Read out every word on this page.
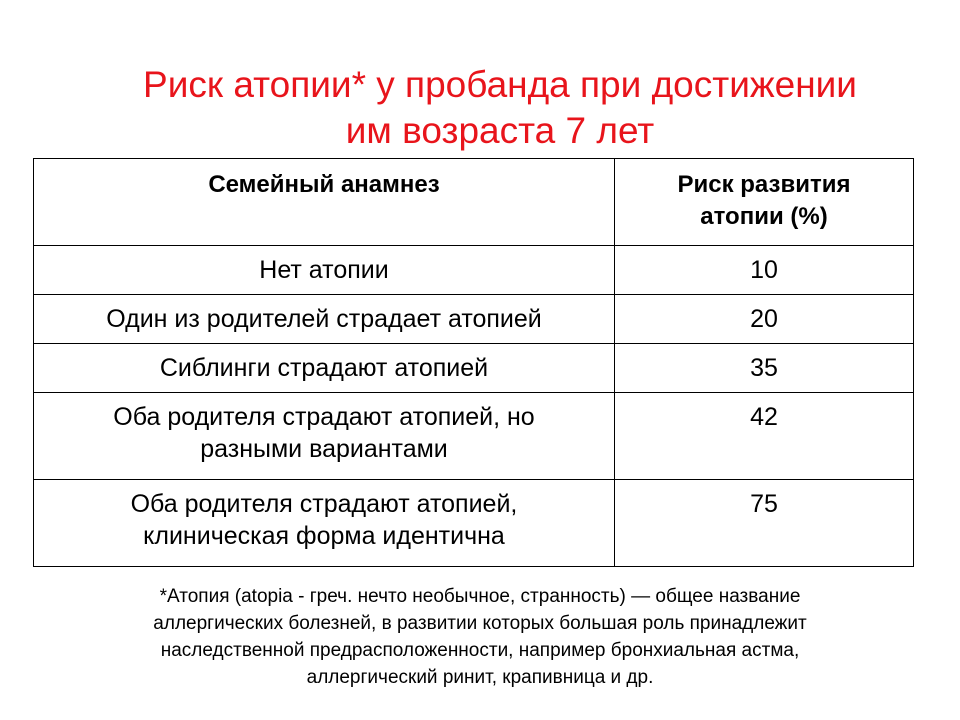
Риск атопии* у пробанда при достижении
им возраста 7 лет
Семейный анамнез	Риск развития
атопии (%)

Нет атопии	10

Один из родителей страдает атопией	20

Сиблинги страдают атопией	35

Оба родителя страдают атопией, но
разными вариантами	42

Оба родителя страдают атопией,
клиническая форма идентична	75

*Атопия (atopia - греч. нечто необычное, странность) — общее название
аллергических болезней, в развитии которых большая роль принадлежит
наследственной предрасположенности, например бронхиальная астма,
аллергический ринит, крапивница и др.
